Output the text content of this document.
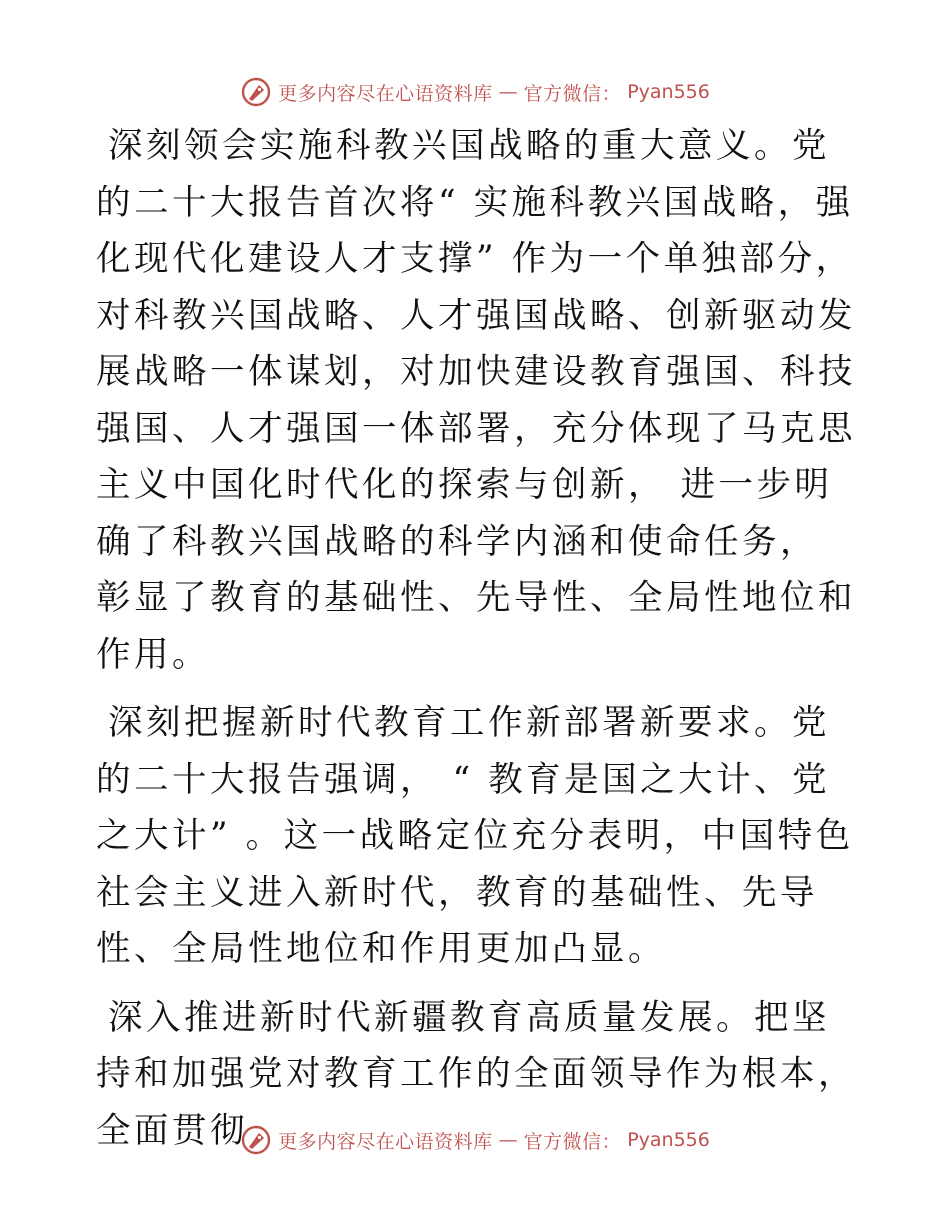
更多内容尽在心语资料库 — 官方微信： Pyan556

深刻领会实施科教兴国战略的重大意义。党的二十大报告首次将“ 实施科教兴国战略，强化现代化建设人才支撑” 作为一个单独部分，对科教兴国战略、人才强国战略、创新驱动发展战略一体谋划，对加快建设教育强国、科技强国、人才强国一体部署，充分体现了马克思主义中国化时代化的探索与创新， 进一步明确了科教兴国战略的科学内涵和使命任务， 彰显了教育的基础性、先导性、全局性地位和作用。

深刻把握新时代教育工作新部署新要求。党的二十大报告强调， “ 教育是国之大计、党之大计” 。这一战略定位充分表明，中国特色社会主义进入新时代，教育的基础性、先导性、全局性地位和作用更加凸显。

深入推进新时代新疆教育高质量发展。把坚持和加强党对教育工作的全面领导作为根本，全面贯彻	更多内容尽在心语资料库 — 官方微信： Pyan556
